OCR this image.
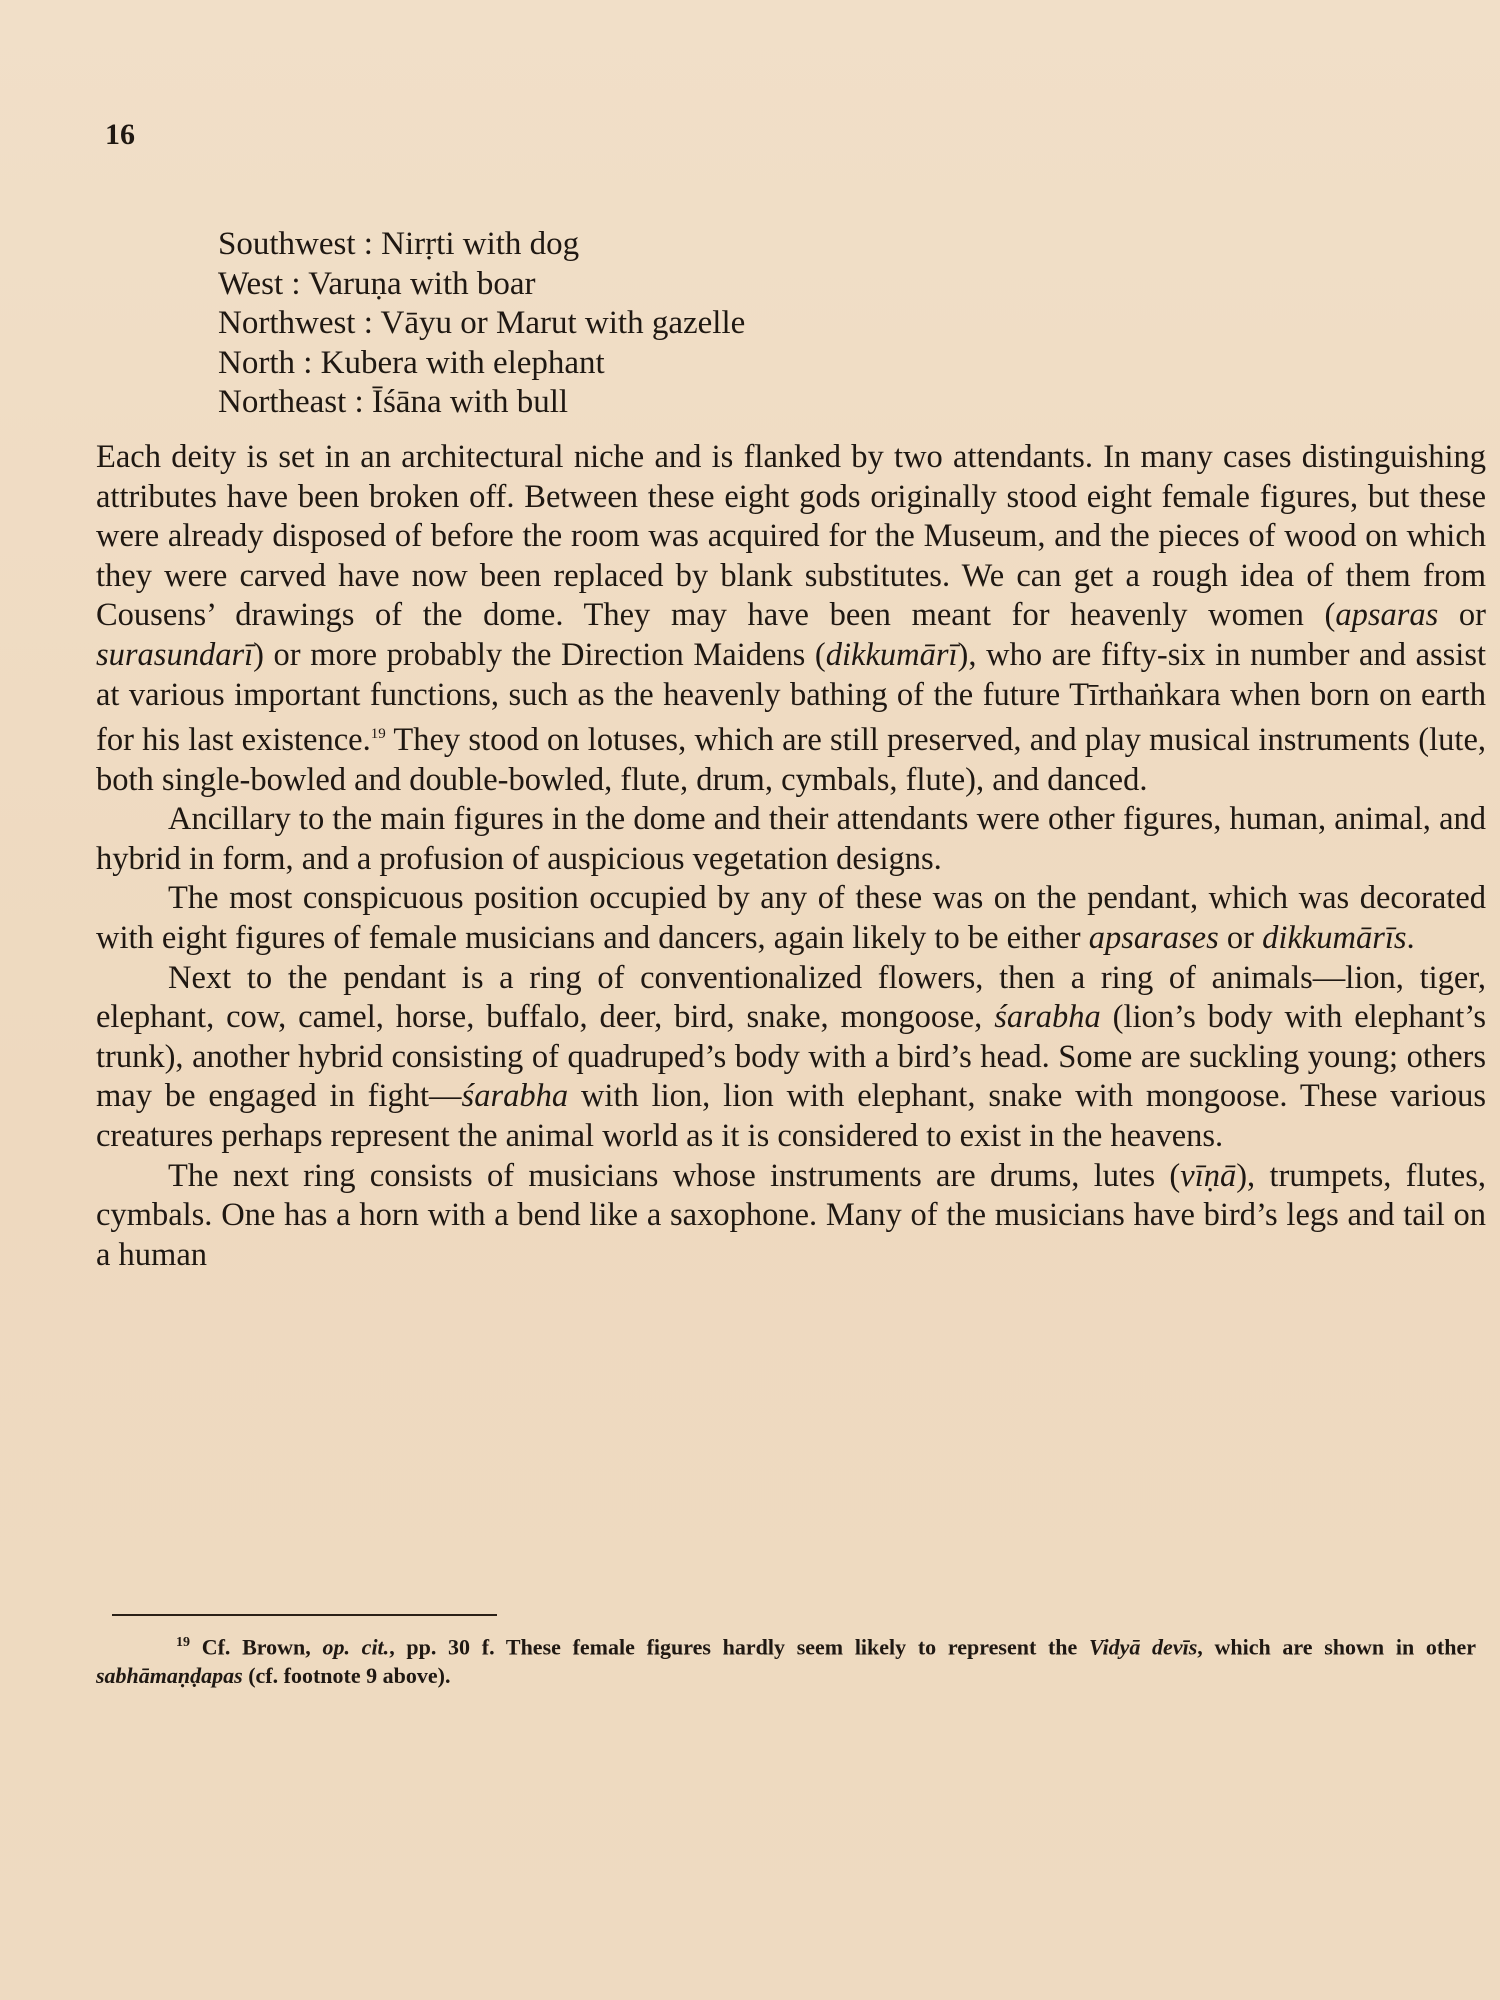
16

Southwest : Nirṛti with dog
West : Varuṇa with boar
Northwest : Vāyu or Marut with gazelle
North : Kubera with elephant
Northeast : Īśāna with bull

Each deity is set in an architectural niche and is flanked by two attendants. In many cases distinguishing attributes have been broken off. Between these eight gods originally stood eight female figures, but these were already disposed of before the room was acquired for the Museum, and the pieces of wood on which they were carved have now been replaced by blank substitutes. We can get a rough idea of them from Cousens’ drawings of the dome. They may have been meant for heavenly women (apsaras or surasundarī) or more probably the Direction Maidens (dikkumārī), who are fifty-six in number and assist at various important functions, such as the heavenly bathing of the future Tīrthaṅkara when born on earth for his last existence.$^{19}$ They stood on lotuses, which are still preserved, and play musical instruments (lute, both single-bowled and double-bowled, flute, drum, cymbals, flute), and danced.

Ancillary to the main figures in the dome and their attendants were other figures, human, animal, and hybrid in form, and a profusion of auspicious vegetation designs.

The most conspicuous position occupied by any of these was on the pendant, which was decorated with eight figures of female musicians and dancers, again likely to be either apsarases or dikkumārīs.

Next to the pendant is a ring of conventionalized flowers, then a ring of animals—lion, tiger, elephant, cow, camel, horse, buffalo, deer, bird, snake, mongoose, śarabha (lion’s body with elephant’s trunk), another hybrid consisting of quadruped’s body with a bird’s head. Some are suckling young; others may be engaged in fight—śarabha with lion, lion with elephant, snake with mongoose. These various creatures perhaps represent the animal world as it is considered to exist in the heavens.

The next ring consists of musicians whose instruments are drums, lutes (vīṇā), trumpets, flutes, cymbals. One has a horn with a bend like a saxophone. Many of the musicians have bird’s legs and tail on a human

$^{19}$ Cf. Brown, op. cit., pp. 30 f. These female figures hardly seem likely to represent the Vidyā devīs, which are shown in other sabhāmaṇḍapas (cf. footnote 9 above).
